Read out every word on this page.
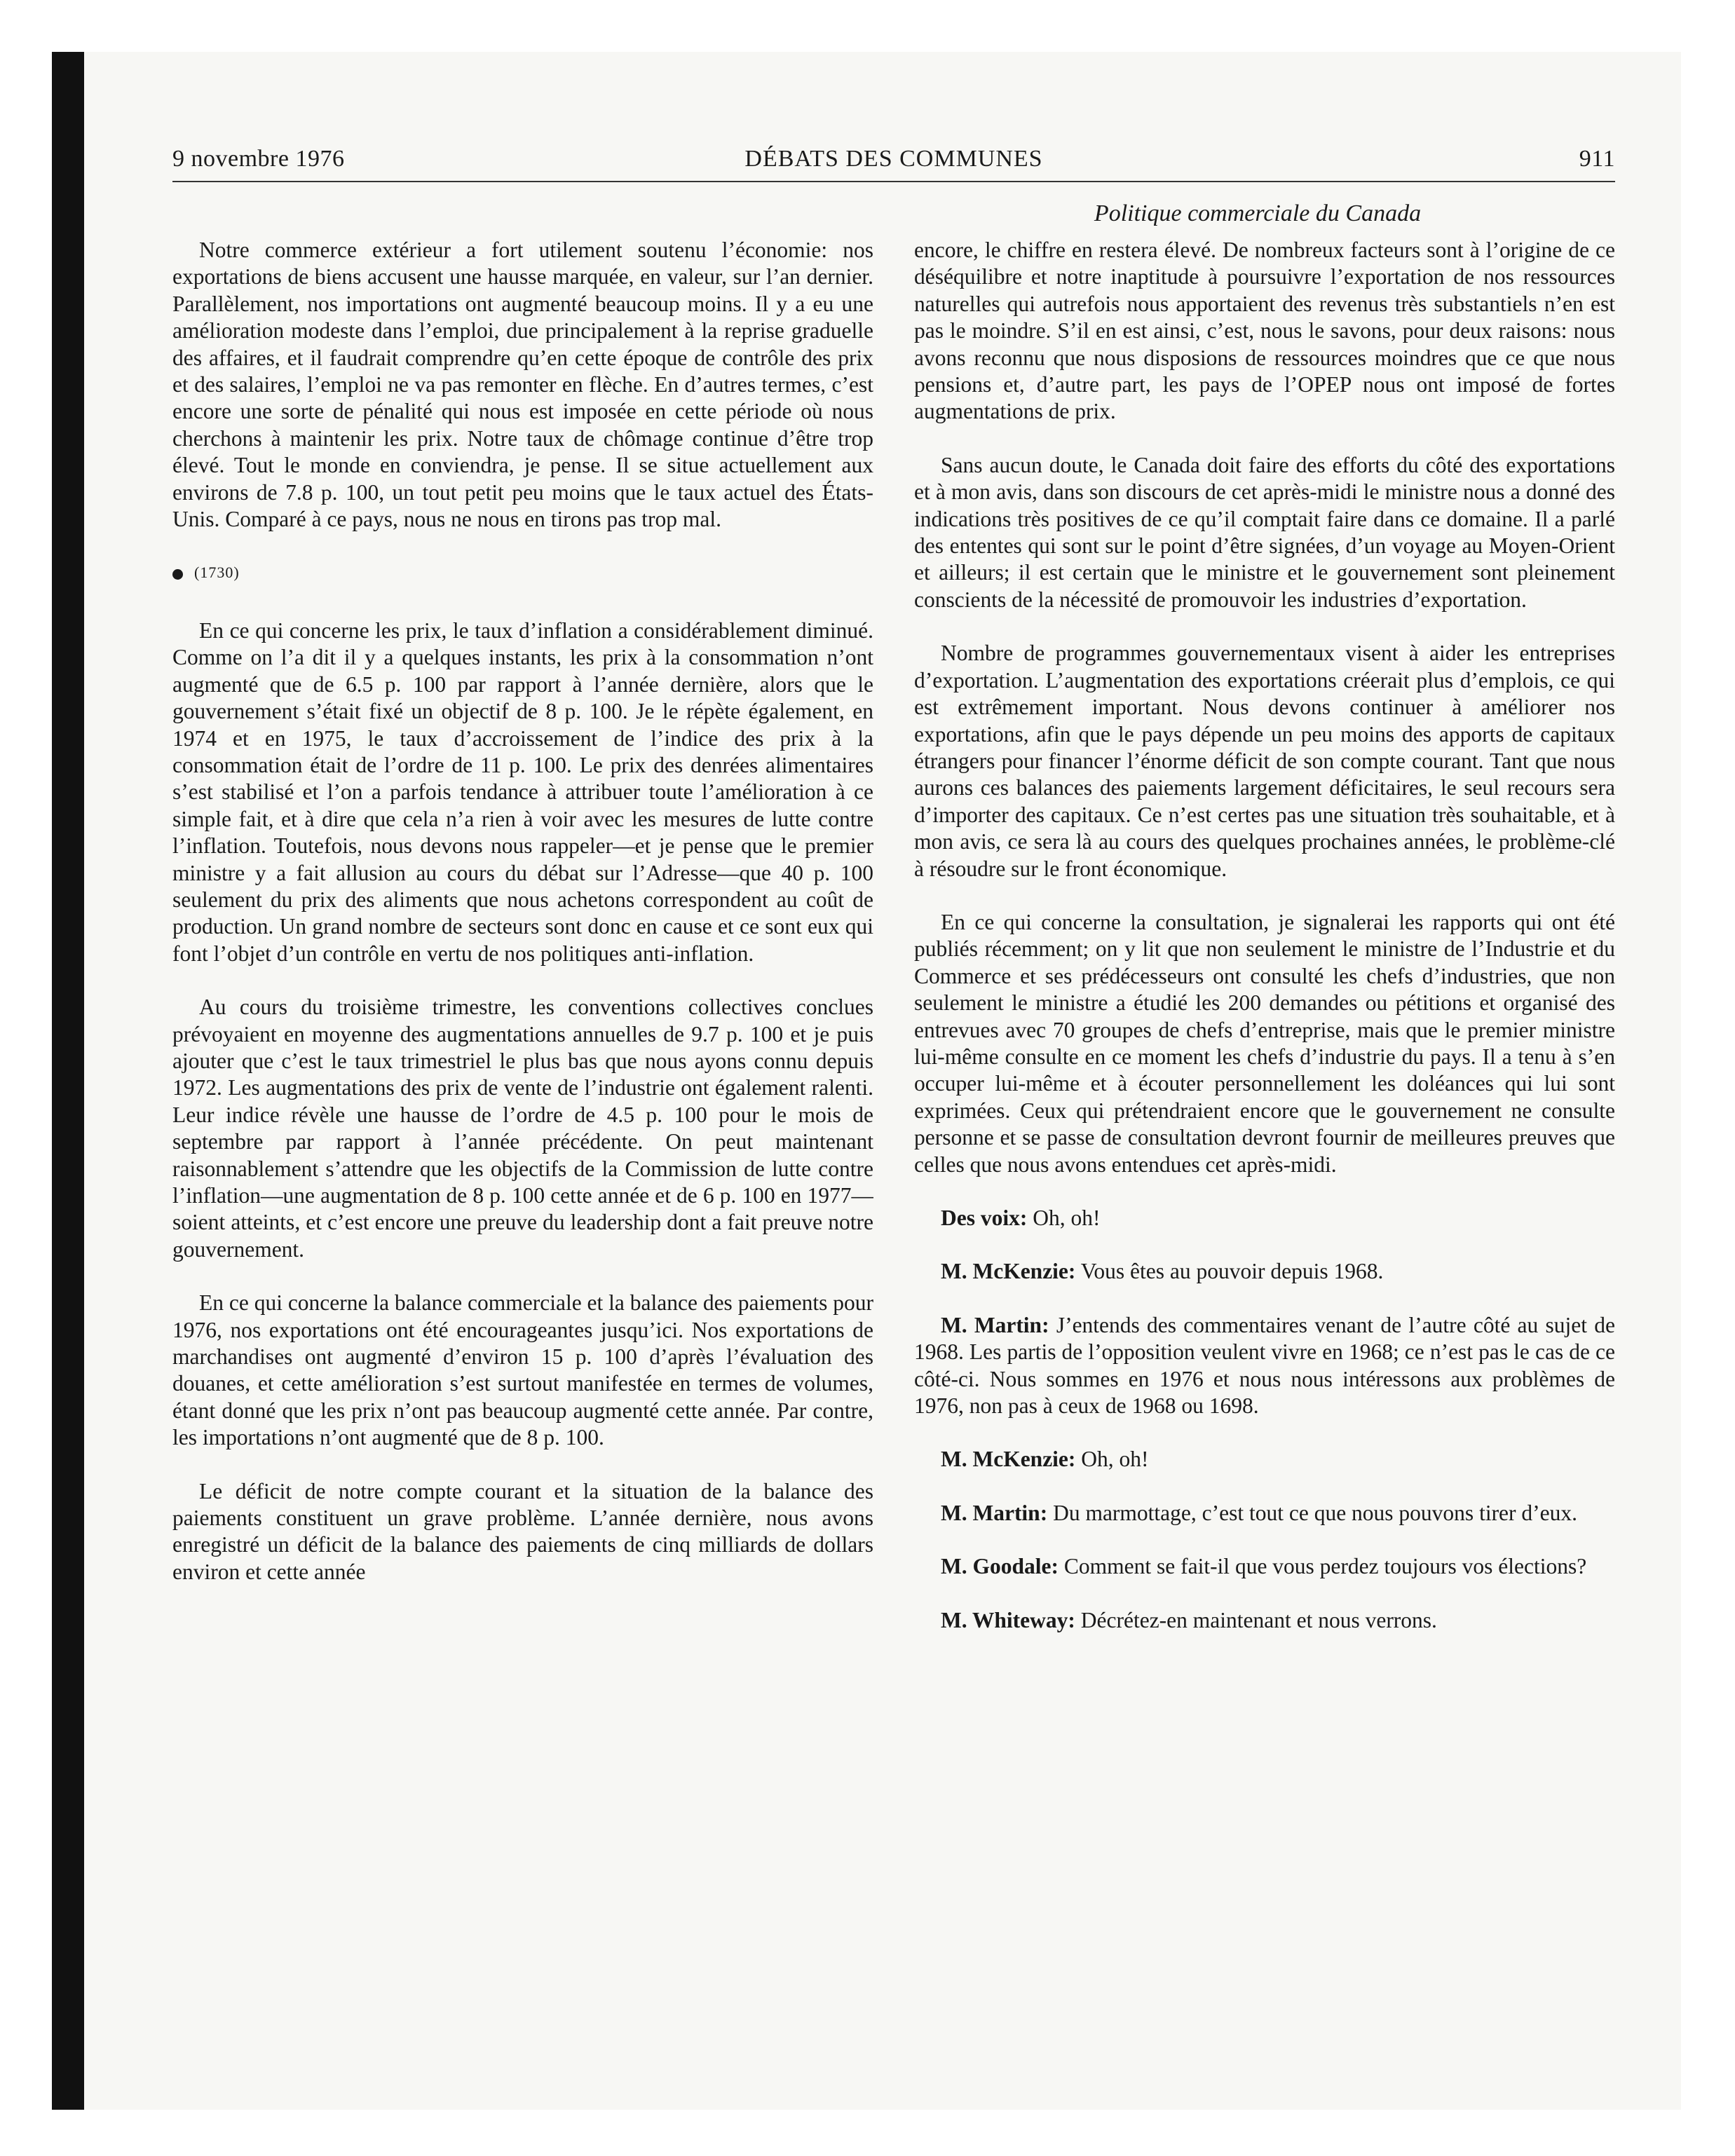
9 novembre 1976	DÉBATS DES COMMUNES	911
Politique commerciale du Canada

Notre commerce extérieur a fort utilement soutenu l’économie: nos exportations de biens accusent une hausse marquée, en valeur, sur l’an dernier. Parallèlement, nos importations ont augmenté beaucoup moins. Il y a eu une amélioration modeste dans l’emploi, due principalement à la reprise graduelle des affaires, et il faudrait comprendre qu’en cette époque de contrôle des prix et des salaires, l’emploi ne va pas remonter en flèche. En d’autres termes, c’est encore une sorte de pénalité qui nous est imposée en cette période où nous cherchons à maintenir les prix. Notre taux de chômage continue d’être trop élevé. Tout le monde en conviendra, je pense. Il se situe actuellement aux environs de 7.8 p. 100, un tout petit peu moins que le taux actuel des États-Unis. Comparé à ce pays, nous ne nous en tirons pas trop mal.

(1730)

En ce qui concerne les prix, le taux d’inflation a considérablement diminué. Comme on l’a dit il y a quelques instants, les prix à la consommation n’ont augmenté que de 6.5 p. 100 par rapport à l’année dernière, alors que le gouvernement s’était fixé un objectif de 8 p. 100. Je le répète également, en 1974 et en 1975, le taux d’accroissement de l’indice des prix à la consommation était de l’ordre de 11 p. 100. Le prix des denrées alimentaires s’est stabilisé et l’on a parfois tendance à attribuer toute l’amélioration à ce simple fait, et à dire que cela n’a rien à voir avec les mesures de lutte contre l’inflation. Toutefois, nous devons nous rappeler—et je pense que le premier ministre y a fait allusion au cours du débat sur l’Adresse—que 40 p. 100 seulement du prix des aliments que nous achetons correspondent au coût de production. Un grand nombre de secteurs sont donc en cause et ce sont eux qui font l’objet d’un contrôle en vertu de nos politiques anti-inflation.

Au cours du troisième trimestre, les conventions collectives conclues prévoyaient en moyenne des augmentations annuelles de 9.7 p. 100 et je puis ajouter que c’est le taux trimestriel le plus bas que nous ayons connu depuis 1972. Les augmentations des prix de vente de l’industrie ont également ralenti. Leur indice révèle une hausse de l’ordre de 4.5 p. 100 pour le mois de septembre par rapport à l’année précédente. On peut maintenant raisonnablement s’attendre que les objectifs de la Commission de lutte contre l’inflation—une augmentation de 8 p. 100 cette année et de 6 p. 100 en 1977—soient atteints, et c’est encore une preuve du leadership dont a fait preuve notre gouvernement.

En ce qui concerne la balance commerciale et la balance des paiements pour 1976, nos exportations ont été encourageantes jusqu’ici. Nos exportations de marchandises ont augmenté d’environ 15 p. 100 d’après l’évaluation des douanes, et cette amélioration s’est surtout manifestée en termes de volumes, étant donné que les prix n’ont pas beaucoup augmenté cette année. Par contre, les importations n’ont augmenté que de 8 p. 100.

Le déficit de notre compte courant et la situation de la balance des paiements constituent un grave problème. L’année dernière, nous avons enregistré un déficit de la balance des paiements de cinq milliards de dollars environ et cette année

encore, le chiffre en restera élevé. De nombreux facteurs sont à l’origine de ce déséquilibre et notre inaptitude à poursuivre l’exportation de nos ressources naturelles qui autrefois nous apportaient des revenus très substantiels n’en est pas le moindre. S’il en est ainsi, c’est, nous le savons, pour deux raisons: nous avons reconnu que nous disposions de ressources moindres que ce que nous pensions et, d’autre part, les pays de l’OPEP nous ont imposé de fortes augmentations de prix.

Sans aucun doute, le Canada doit faire des efforts du côté des exportations et à mon avis, dans son discours de cet après-midi le ministre nous a donné des indications très positives de ce qu’il comptait faire dans ce domaine. Il a parlé des ententes qui sont sur le point d’être signées, d’un voyage au Moyen-Orient et ailleurs; il est certain que le ministre et le gouvernement sont pleinement conscients de la nécessité de promouvoir les industries d’exportation.

Nombre de programmes gouvernementaux visent à aider les entreprises d’exportation. L’augmentation des exportations créerait plus d’emplois, ce qui est extrêmement important. Nous devons continuer à améliorer nos exportations, afin que le pays dépende un peu moins des apports de capitaux étrangers pour financer l’énorme déficit de son compte courant. Tant que nous aurons ces balances des paiements largement déficitaires, le seul recours sera d’importer des capitaux. Ce n’est certes pas une situation très souhaitable, et à mon avis, ce sera là au cours des quelques prochaines années, le problème-clé à résoudre sur le front économique.

En ce qui concerne la consultation, je signalerai les rapports qui ont été publiés récemment; on y lit que non seulement le ministre de l’Industrie et du Commerce et ses prédécesseurs ont consulté les chefs d’industries, que non seulement le ministre a étudié les 200 demandes ou pétitions et organisé des entrevues avec 70 groupes de chefs d’entreprise, mais que le premier ministre lui-même consulte en ce moment les chefs d’industrie du pays. Il a tenu à s’en occuper lui-même et à écouter personnellement les doléances qui lui sont exprimées. Ceux qui prétendraient encore que le gouvernement ne consulte personne et se passe de consultation devront fournir de meilleures preuves que celles que nous avons entendues cet après-midi.

Des voix: Oh, oh!

M. McKenzie: Vous êtes au pouvoir depuis 1968.

M. Martin: J’entends des commentaires venant de l’autre côté au sujet de 1968. Les partis de l’opposition veulent vivre en 1968; ce n’est pas le cas de ce côté-ci. Nous sommes en 1976 et nous nous intéressons aux problèmes de 1976, non pas à ceux de 1968 ou 1698.

M. McKenzie: Oh, oh!

M. Martin: Du marmottage, c’est tout ce que nous pouvons tirer d’eux.

M. Goodale: Comment se fait-il que vous perdez toujours vos élections?

M. Whiteway: Décrétez-en maintenant et nous verrons.
